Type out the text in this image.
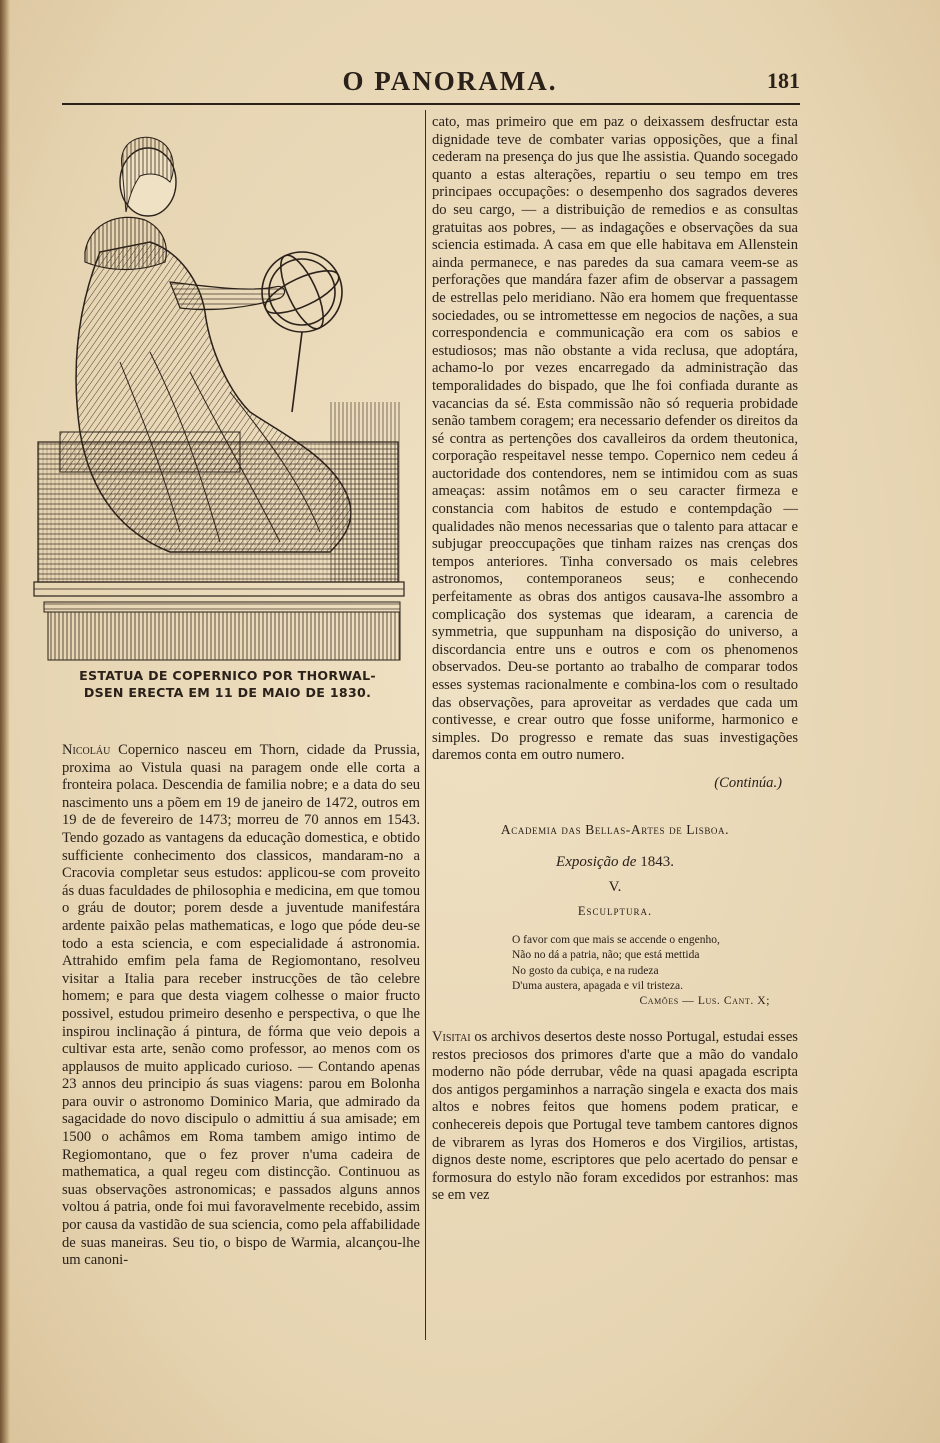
O PANORAMA.	181
ESTATUA DE COPERNICO POR THORWAL-
DSEN ERECTA EM 11 DE MAIO DE 1830.

Nicoláu Copernico nasceu em Thorn, cidade da Prussia, proxima ao Vistula quasi na paragem onde elle corta a fronteira polaca. Descendia de familia nobre; e a data do seu nascimento uns a põem em 19 de janeiro de 1472, outros em 19 de de fevereiro de 1473; morreu de 70 annos em 1543. Tendo gozado as vantagens da educação domestica, e obtido sufficiente conhecimento dos classicos, mandaram-no a Cracovia completar seus estudos: applicou-se com proveito ás duas faculdades de philosophia e medicina, em que tomou o gráu de doutor; porem desde a juventude manifestára ardente paixão pelas mathematicas, e logo que póde deu-se todo a esta sciencia, e com especialidade á astronomia. Attrahido emfim pela fama de Regiomontano, resolveu visitar a Italia para receber instrucções de tão celebre homem; e para que desta viagem colhesse o maior fructo possivel, estudou primeiro desenho e perspectiva, o que lhe inspirou inclinação á pintura, de fórma que veio depois a cultivar esta arte, senão como professor, ao menos com os applausos de muito applicado curioso. — Contando apenas 23 annos deu principio ás suas viagens: parou em Bolonha para ouvir o astronomo Dominico Maria, que admirado da sagacidade do novo discipulo o admittiu á sua amisade; em 1500 o achâmos em Roma tambem amigo intimo de Regiomontano, que o fez prover n'uma cadeira de mathematica, a qual regeu com distincção. Continuou as suas observações astronomicas; e passados alguns annos voltou á patria, onde foi mui favoravelmente recebido, assim por causa da vastidão de sua sciencia, como pela affabilidade de suas maneiras. Seu tio, o bispo de Warmia, alcançou-lhe um canoni-

cato, mas primeiro que em paz o deixassem desfructar esta dignidade teve de combater varias opposições, que a final cederam na presença do jus que lhe assistia. Quando socegado quanto a estas alterações, repartiu o seu tempo em tres principaes occupações: o desempenho dos sagrados deveres do seu cargo, — a distribuição de remedios e as consultas gratuitas aos pobres, — as indagações e observações da sua sciencia estimada. A casa em que elle habitava em Allenstein ainda permanece, e nas paredes da sua camara veem-se as perforações que mandára fazer afim de observar a passagem de estrellas pelo meridiano. Não era homem que frequentasse sociedades, ou se intromettesse em negocios de nações, a sua correspondencia e communicação era com os sabios e estudiosos; mas não obstante a vida reclusa, que adoptára, achamo-lo por vezes encarregado da administração das temporalidades do bispado, que lhe foi confiada durante as vacancias da sé. Esta commissão não só requeria probidade senão tambem coragem; era necessario defender os direitos da sé contra as pertenções dos cavalleiros da ordem theutonica, corporação respeitavel nesse tempo. Copernico nem cedeu á auctoridade dos contendores, nem se intimidou com as suas ameaças: assim notâmos em o seu caracter firmeza e constancia com habitos de estudo e contempdação — qualidades não menos necessarias que o talento para attacar e subjugar preoccupações que tinham raizes nas crenças dos tempos anteriores. Tinha conversado os mais celebres astronomos, contemporaneos seus; e conhecendo perfeitamente as obras dos antigos causava-lhe assombro a complicação dos systemas que idearam, a carencia de symmetria, que suppunham na disposição do universo, a discordancia entre uns e outros e com os phenomenos observados. Deu-se portanto ao trabalho de comparar todos esses systemas racionalmente e combina-los com o resultado das observações, para aproveitar as verdades que cada um contivesse, e crear outro que fosse uniforme, harmonico e simples. Do progresso e remate das suas investigações daremos conta em outro numero.

(Continúa.)

Academia das Bellas-Artes de Lisboa.

Exposição de 1843.

V.

Esculptura.

O favor com que mais se accende o engenho,

Não no dá a patria, não; que está mettida

No gosto da cubiça, e na rudeza

D'uma austera, apagada e vil tristeza.

Camões — Lus. Cant. X;

Visitai os archivos desertos deste nosso Portugal, estudai esses restos preciosos dos primores d'arte que a mão do vandalo moderno não póde derrubar, vêde na quasi apagada escripta dos antigos pergaminhos a narração singela e exacta dos mais altos e nobres feitos que homens podem praticar, e conhecereis depois que Portugal teve tambem cantores dignos de vibrarem as lyras dos Homeros e dos Virgilios, artistas, dignos deste nome, escriptores que pelo acertado do pensar e formosura do estylo não foram excedidos por estranhos: mas se em vez
